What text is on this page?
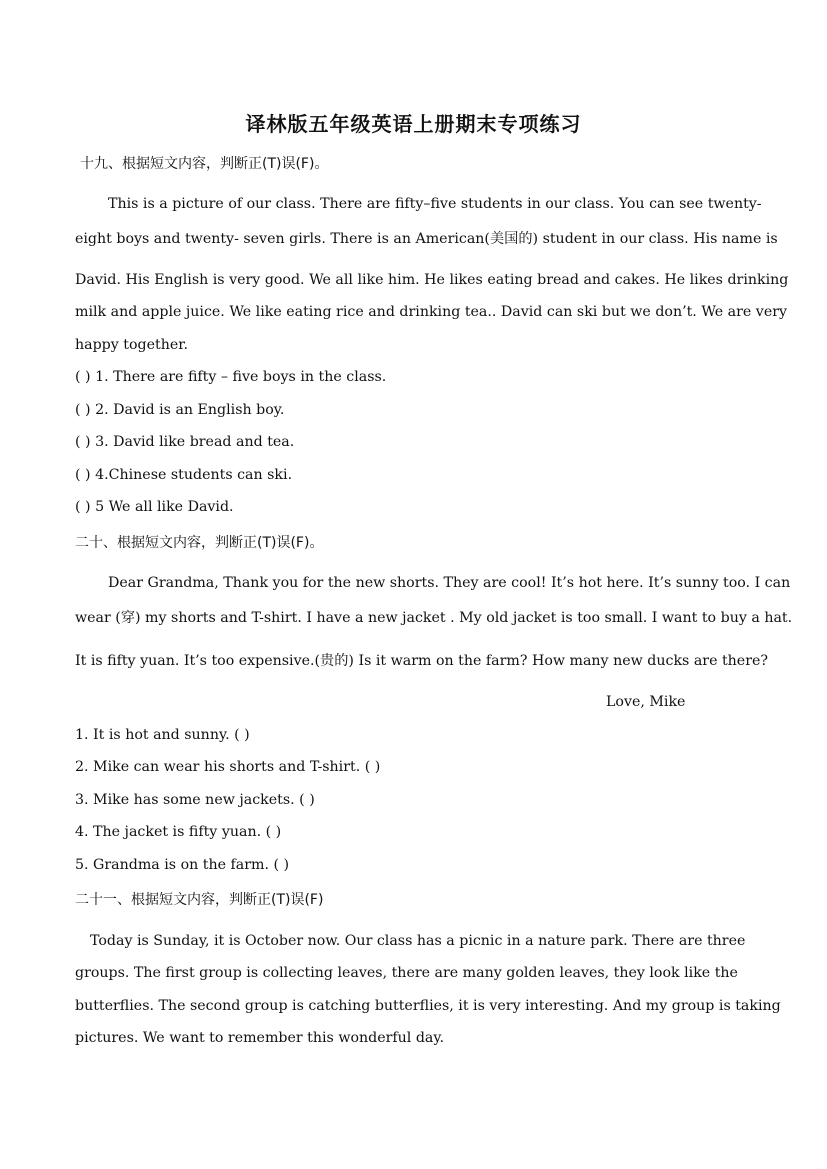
译林版五年级英语上册期末专项练习
十九、根据短文内容，判断正(T)误(F)。
This is a picture of our class. There are fifty–five students in our class. You can see twenty-
eight boys and twenty- seven girls. There is an American(美国的) student in our class. His name is
David. His English is very good. We all like him. He likes eating bread and cakes. He likes drinking
milk and apple juice. We like eating rice and drinking tea.. David can ski but we don’t. We are very
happy together.
( ) 1. There are fifty – five boys in the class.
( ) 2. David is an English boy.
( ) 3. David like bread and tea.
( ) 4.Chinese students can ski.
( ) 5 We all like David.
二十、根据短文内容，判断正(T)误(F)。
Dear Grandma, Thank you for the new shorts. They are cool! It’s hot here. It’s sunny too. I can
wear (穿) my shorts and T-shirt. I have a new jacket . My old jacket is too small. I want to buy a hat.
It is fifty yuan. It’s too expensive.(贵的) Is it warm on the farm? How many new ducks are there?
Love, Mike
1. It is hot and sunny. ( )
2. Mike can wear his shorts and T-shirt. ( )
3. Mike has some new jackets. ( )
4. The jacket is fifty yuan. ( )
5. Grandma is on the farm. ( )
二十一、根据短文内容，判断正(T)误(F)
Today is Sunday, it is October now. Our class has a picnic in a nature park. There are three
groups. The first group is collecting leaves, there are many golden leaves, they look like the
butterflies. The second group is catching butterflies, it is very interesting. And my group is taking
pictures. We want to remember this wonderful day.
